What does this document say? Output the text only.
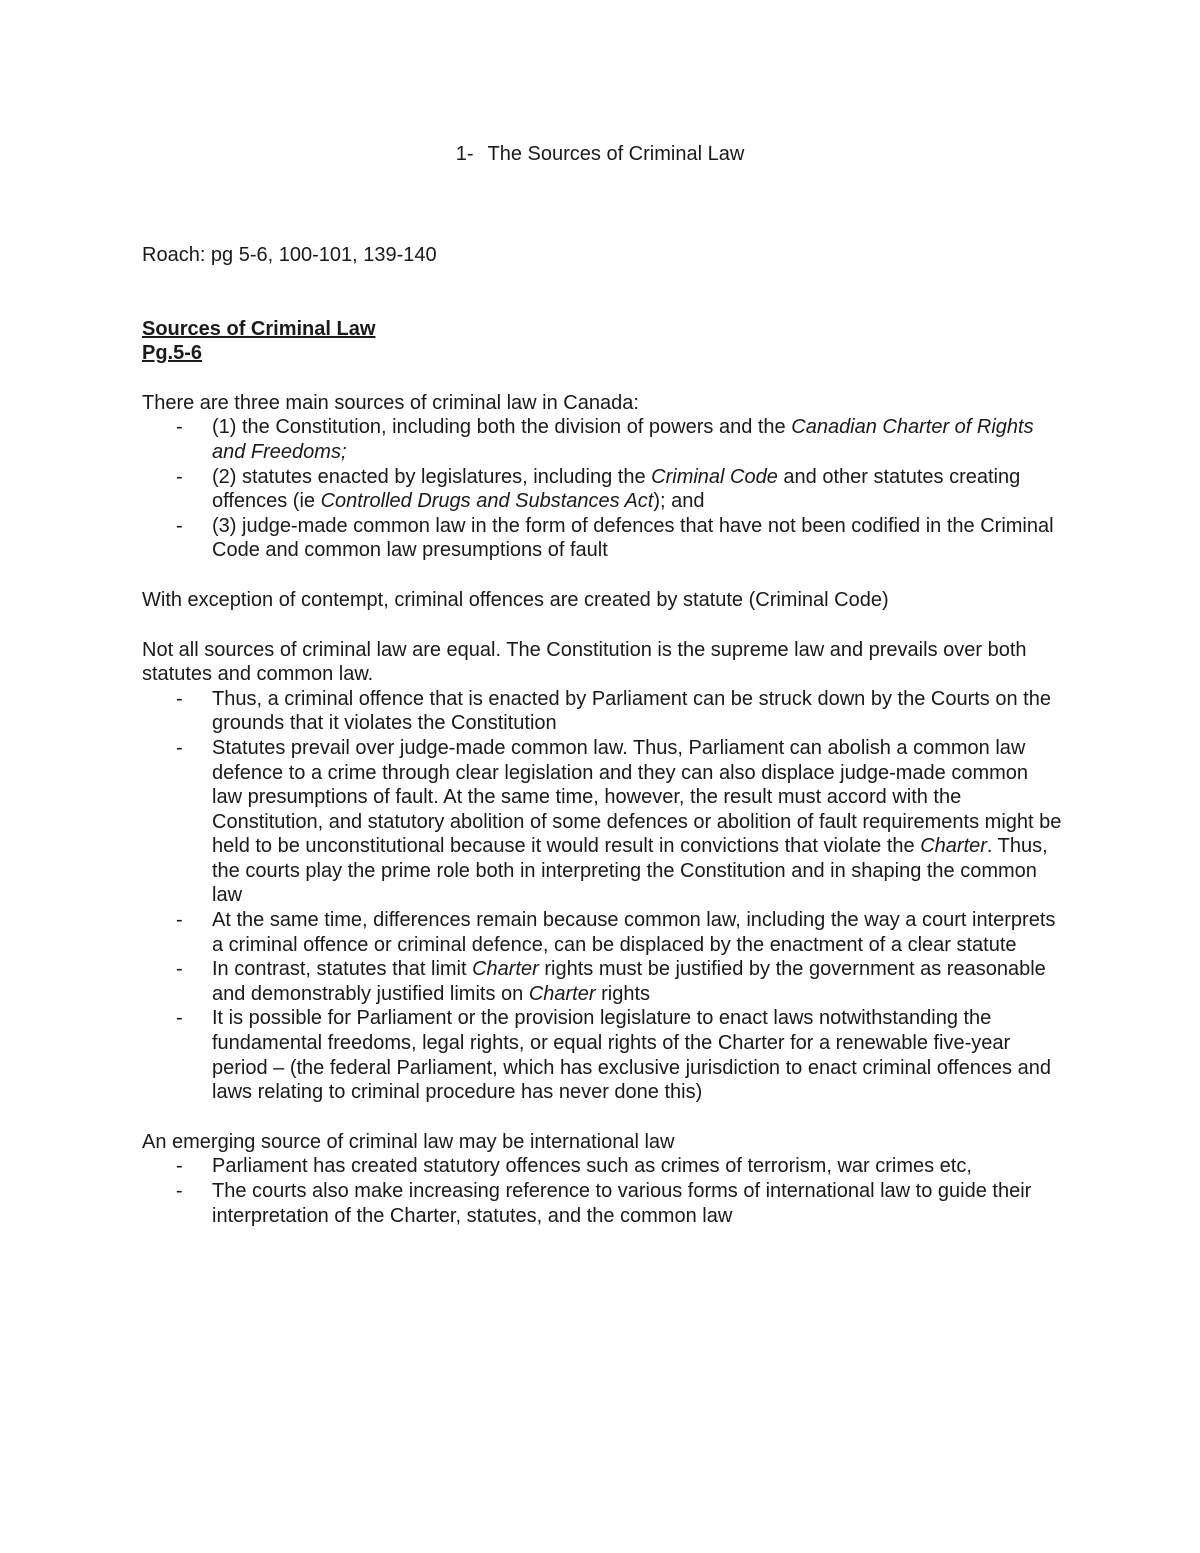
1- The Sources of Criminal Law

Roach: pg 5-6, 100-101, 139-140

Sources of Criminal Law

Pg.5-6

There are three main sources of criminal law in Canada:

- (1) the Constitution, including both the division of powers and the Canadian Charter of Rights and Freedoms;
- (2) statutes enacted by legislatures, including the Criminal Code and other statutes creating offences (ie Controlled Drugs and Substances Act); and
- (3) judge-made common law in the form of defences that have not been codified in the Criminal Code and common law presumptions of fault

With exception of contempt, criminal offences are created by statute (Criminal Code)

Not all sources of criminal law are equal. The Constitution is the supreme law and prevails over both statutes and common law.

- Thus, a criminal offence that is enacted by Parliament can be struck down by the Courts on the grounds that it violates the Constitution
- Statutes prevail over judge-made common law. Thus, Parliament can abolish a common law defence to a crime through clear legislation and they can also displace judge-made common law presumptions of fault. At the same time, however, the result must accord with the Constitution, and statutory abolition of some defences or abolition of fault requirements might be held to be unconstitutional because it would result in convictions that violate the Charter. Thus, the courts play the prime role both in interpreting the Constitution and in shaping the common law
- At the same time, differences remain because common law, including the way a court interprets a criminal offence or criminal defence, can be displaced by the enactment of a clear statute
- In contrast, statutes that limit Charter rights must be justified by the government as reasonable and demonstrably justified limits on Charter rights
- It is possible for Parliament or the provision legislature to enact laws notwithstanding the fundamental freedoms, legal rights, or equal rights of the Charter for a renewable five-year period – (the federal Parliament, which has exclusive jurisdiction to enact criminal offences and laws relating to criminal procedure has never done this)

An emerging source of criminal law may be international law

- Parliament has created statutory offences such as crimes of terrorism, war crimes etc,
- The courts also make increasing reference to various forms of international law to guide their interpretation of the Charter, statutes, and the common law
